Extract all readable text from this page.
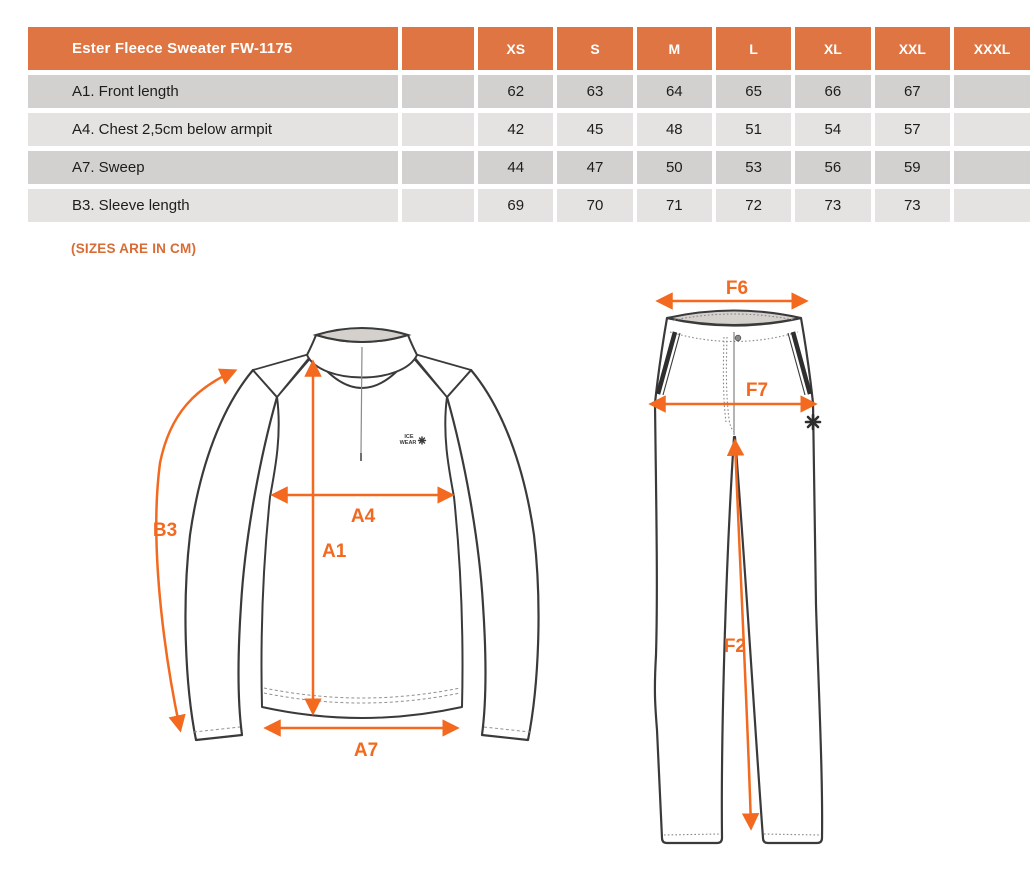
Ester Fleece Sweater FW-1175		XS	S	M	L	XL	XXL	XXXL
A1. Front length		62	63	64	65	66	67	
A4. Chest 2,5cm below armpit		42	45	48	51	54	57	
A7. Sweep		44	47	50	53	56	59	
B3. Sleeve length		69	70	71	72	73	73	
(SIZES ARE IN CM)
ICE
WEAR
B3
A1
A4
A7
F6
F7
F2
